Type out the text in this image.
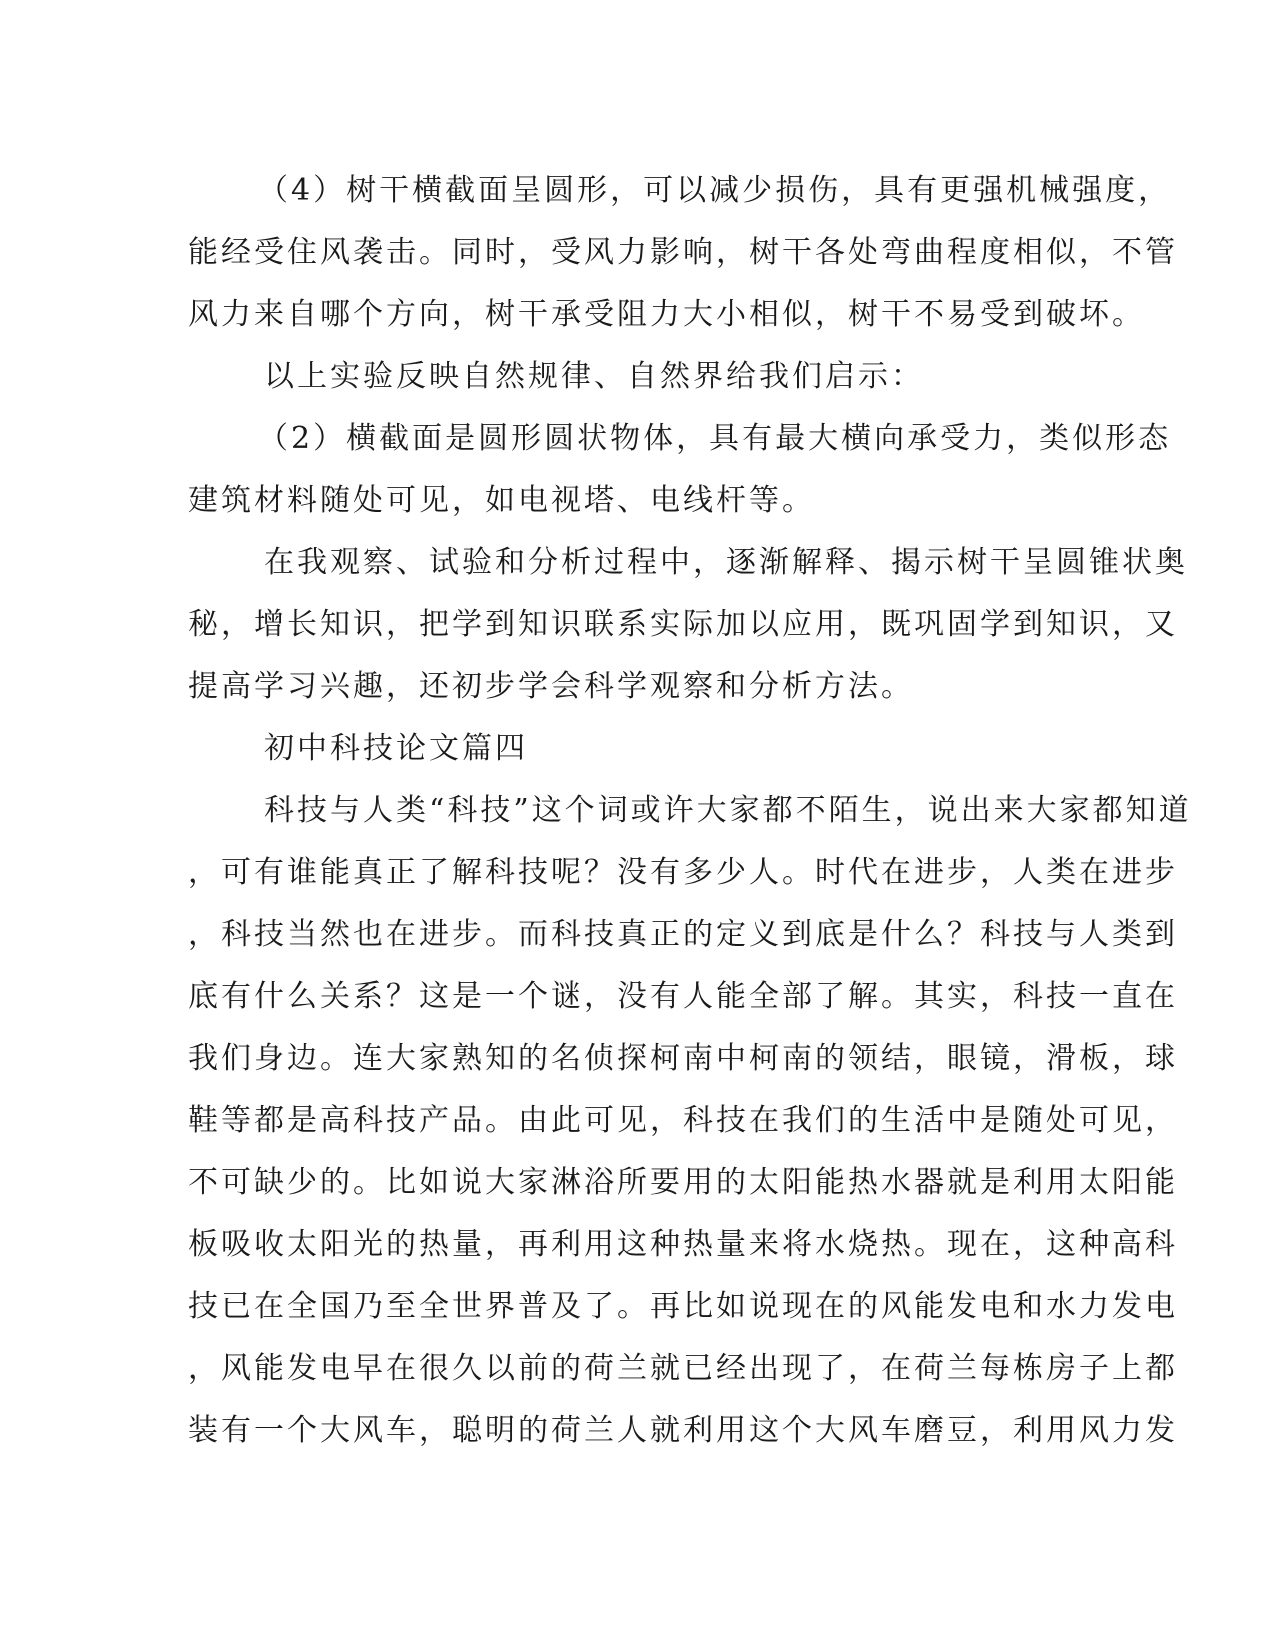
（4）树干横截面呈圆形，可以减少损伤，具有更强机械强度，
能经受住风袭击。同时，受风力影响，树干各处弯曲程度相似，不管
风力来自哪个方向，树干承受阻力大小相似，树干不易受到破坏。
以上实验反映自然规律、自然界给我们启示：
（2）横截面是圆形圆状物体，具有最大横向承受力，类似形态
建筑材料随处可见，如电视塔、电线杆等。
在我观察、试验和分析过程中，逐渐解释、揭示树干呈圆锥状奥
秘，增长知识，把学到知识联系实际加以应用，既巩固学到知识，又
提高学习兴趣，还初步学会科学观察和分析方法。
初中科技论文篇四
科技与人类“科技”这个词或许大家都不陌生，说出来大家都知道
，可有谁能真正了解科技呢？没有多少人。时代在进步，人类在进步
，科技当然也在进步。而科技真正的定义到底是什么？科技与人类到
底有什么关系？这是一个谜，没有人能全部了解。其实，科技一直在
我们身边。连大家熟知的名侦探柯南中柯南的领结，眼镜，滑板，球
鞋等都是高科技产品。由此可见，科技在我们的生活中是随处可见，
不可缺少的。比如说大家淋浴所要用的太阳能热水器就是利用太阳能
板吸收太阳光的热量，再利用这种热量来将水烧热。现在，这种高科
技已在全国乃至全世界普及了。再比如说现在的风能发电和水力发电
，风能发电早在很久以前的荷兰就已经出现了，在荷兰每栋房子上都
装有一个大风车，聪明的荷兰人就利用这个大风车磨豆，利用风力发
